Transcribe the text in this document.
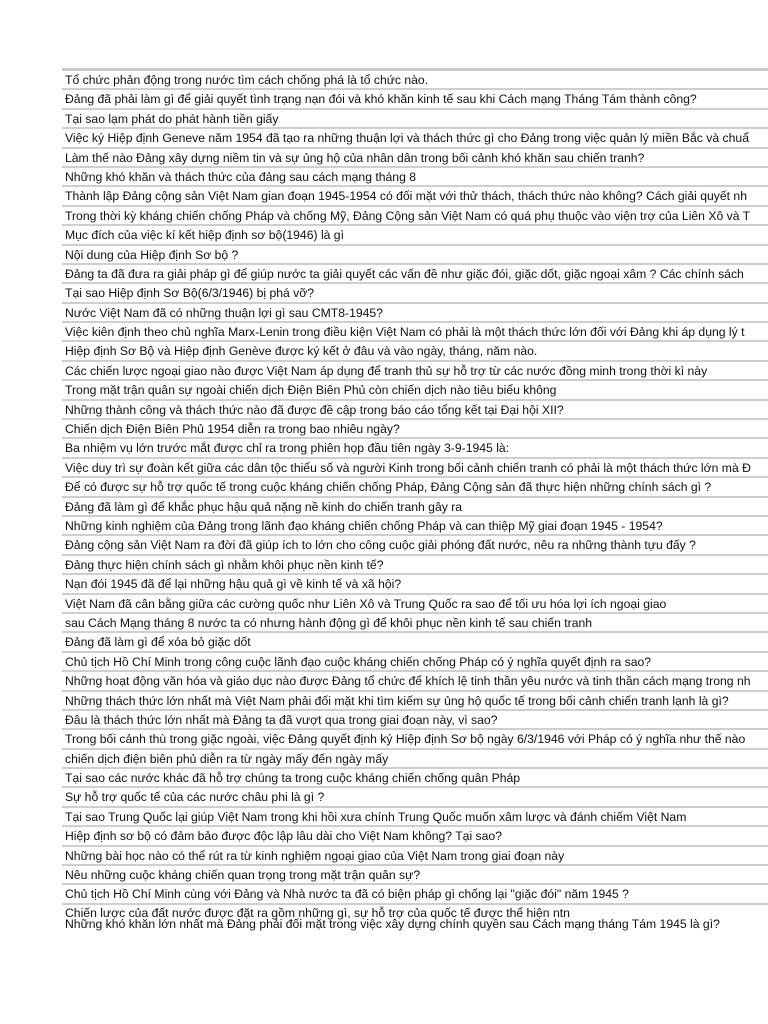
Tổ chức phản động trong nước tìm cách chống phá là tổ chức nào.
Đảng đã phải làm gì để giải quyết tình trạng nạn đói và khó khăn kinh tế sau khi Cách mạng Tháng Tám thành công?
Tại sao lạm phát do phát hành tiền giấy
Việc ký Hiệp định Geneve năm 1954 đã tạo ra những thuận lợi và thách thức gì cho Đảng trong việc quản lý miền Bắc và chuẩ
Làm thế nào Đảng xây dựng niềm tin và sự ủng hộ của nhân dân trong bối cảnh khó khăn sau chiến tranh?
Những khó khăn và thách thức của đảng sau cách mạng tháng 8
Thành lập Đảng cộng sản Việt Nam gian đoạn 1945-1954 có đối mặt với thử thách, thách thức nào không? Cách giải quyết nh
Trong thời kỳ kháng chiến chống Pháp và chống Mỹ, Đảng Cộng sản Việt Nam có quá phụ thuộc vào viện trợ của Liên Xô và T
Mục đích của việc kí kết hiệp định sơ bộ(1946) là gì
Nội dung của Hiệp định Sơ bộ ?
Đảng ta đã đưa ra giải pháp gì để giúp nước ta giải quyết các vấn đề như giặc đói, giặc dốt, giặc ngoại xâm ? Các chính sách
Tại sao Hiệp định Sơ Bộ(6/3/1946) bị phá vỡ?
Nước Việt Nam đã có những thuận lợi gì sau CMT8-1945?
Việc kiên định theo chủ nghĩa Marx-Lenin trong điều kiện Việt Nam có phải là một thách thức lớn đối với Đảng khi áp dụng lý t
Hiệp định Sơ Bộ và Hiệp định Genève được ký kết ở đâu và vào ngày, tháng, năm nào.
Các chiến lược ngoại giao nào được Việt Nam áp dụng để tranh thủ sự hỗ trợ từ các nước đồng minh trong thời kì này
Trong mặt trận quân sự ngoài chiến dịch Điện Biên Phủ còn chiến dịch nào tiêu biểu không
Những thành công và thách thức nào đã được đề cập trong báo cáo tổng kết tại Đại hội XII?
Chiến dịch Điện Biên Phủ 1954 diễn ra trong bao nhiêu ngày?
Ba nhiệm vụ lớn trước mắt được chỉ ra trong phiên họp đầu tiên ngày 3-9-1945 là:
Việc duy trì sự đoàn kết giữa các dân tộc thiểu số và người Kinh trong bối cảnh chiến tranh có phải là một thách thức lớn mà Đ
Để có được sự hỗ trợ quốc tế trong cuộc kháng chiến chống Pháp, Đảng Cộng sản đã thực hiện những chính sách gì ?
Đảng đã làm gì để khắc phục hậu quả nặng nề kinh do chiến tranh gây ra
Những kinh nghiệm của Đảng trong lãnh đạo kháng chiến chống Pháp và can thiệp Mỹ giai đoạn 1945 - 1954?
Đảng cộng sản Việt Nam ra đời đã giúp ích to lớn cho công cuộc giải phóng đất nước, nêu ra những thành tựu đấy ?
Đảng thực hiện chính sách gì nhằm khôi phục nền kinh tế?
Nạn đói 1945 đã để lại những hậu quả gì về kinh tế và xã hội?
Việt Nam đã cân bằng giữa các cường quốc như Liên Xô và Trung Quốc ra sao để tối ưu hóa lợi ích ngoại giao
sau Cách Mạng tháng 8 nước ta có nhưng hành động gì để khôi phục nền kinh tế sau chiến tranh
Đảng đã làm gì để xóa bỏ giặc dốt
Chủ tịch Hồ Chí Minh trong công cuộc lãnh đạo cuộc kháng chiến chống Pháp có ý nghĩa quyết định ra sao?
Những hoạt động văn hóa và giáo dục nào được Đảng tổ chức để khích lệ tinh thần yêu nước và tinh thần cách mạng trong nh
Những thách thức lớn nhất mà Việt Nam phải đối mặt khi tìm kiếm sự ủng hộ quốc tế trong bối cảnh chiến tranh lạnh là gì?
Đâu là thách thức lớn nhất mà Đảng ta đã vượt qua trong giai đoạn này, vì sao?
Trong bối cảnh thù trong giặc ngoài, việc Đảng quyết định ký Hiệp định Sơ bộ ngày 6/3/1946 với Pháp có ý nghĩa như thế nào
chiến dịch điện biên phủ diễn ra từ ngày mấy đến ngày mấy
Tại sao các nước khác đã hỗ trợ chúng ta trong cuộc kháng chiến chống quân Pháp
Sự hỗ trợ quốc tế của các nước châu phi là gì ?
Tại sao Trung Quốc lại giúp Việt Nam trong khi hồi xưa chính Trung Quốc muốn xâm lược và đánh chiếm Việt Nam
Hiệp định sơ bộ có đảm bảo được độc lập lâu dài cho Việt Nam không? Tại sao?
Những bài học nào có thể rút ra từ kinh nghiệm ngoại giao của Việt Nam trong giai đoạn này
Nêu những cuộc kháng chiến quan trọng trong mặt trận quân sự?
Chủ tịch Hồ Chí Minh cùng với Đảng và Nhà nước ta đã có biện pháp gì chống lại "giặc đói" năm 1945 ?
Chiến lược của đất nước được đặt ra gồm những gì, sự hỗ trợ của quốc tế được thể hiện ntn
Những khó khăn lớn nhất mà Đảng phải đối mặt trong việc xây dựng chính quyền sau Cách mạng tháng Tám 1945 là gì?
